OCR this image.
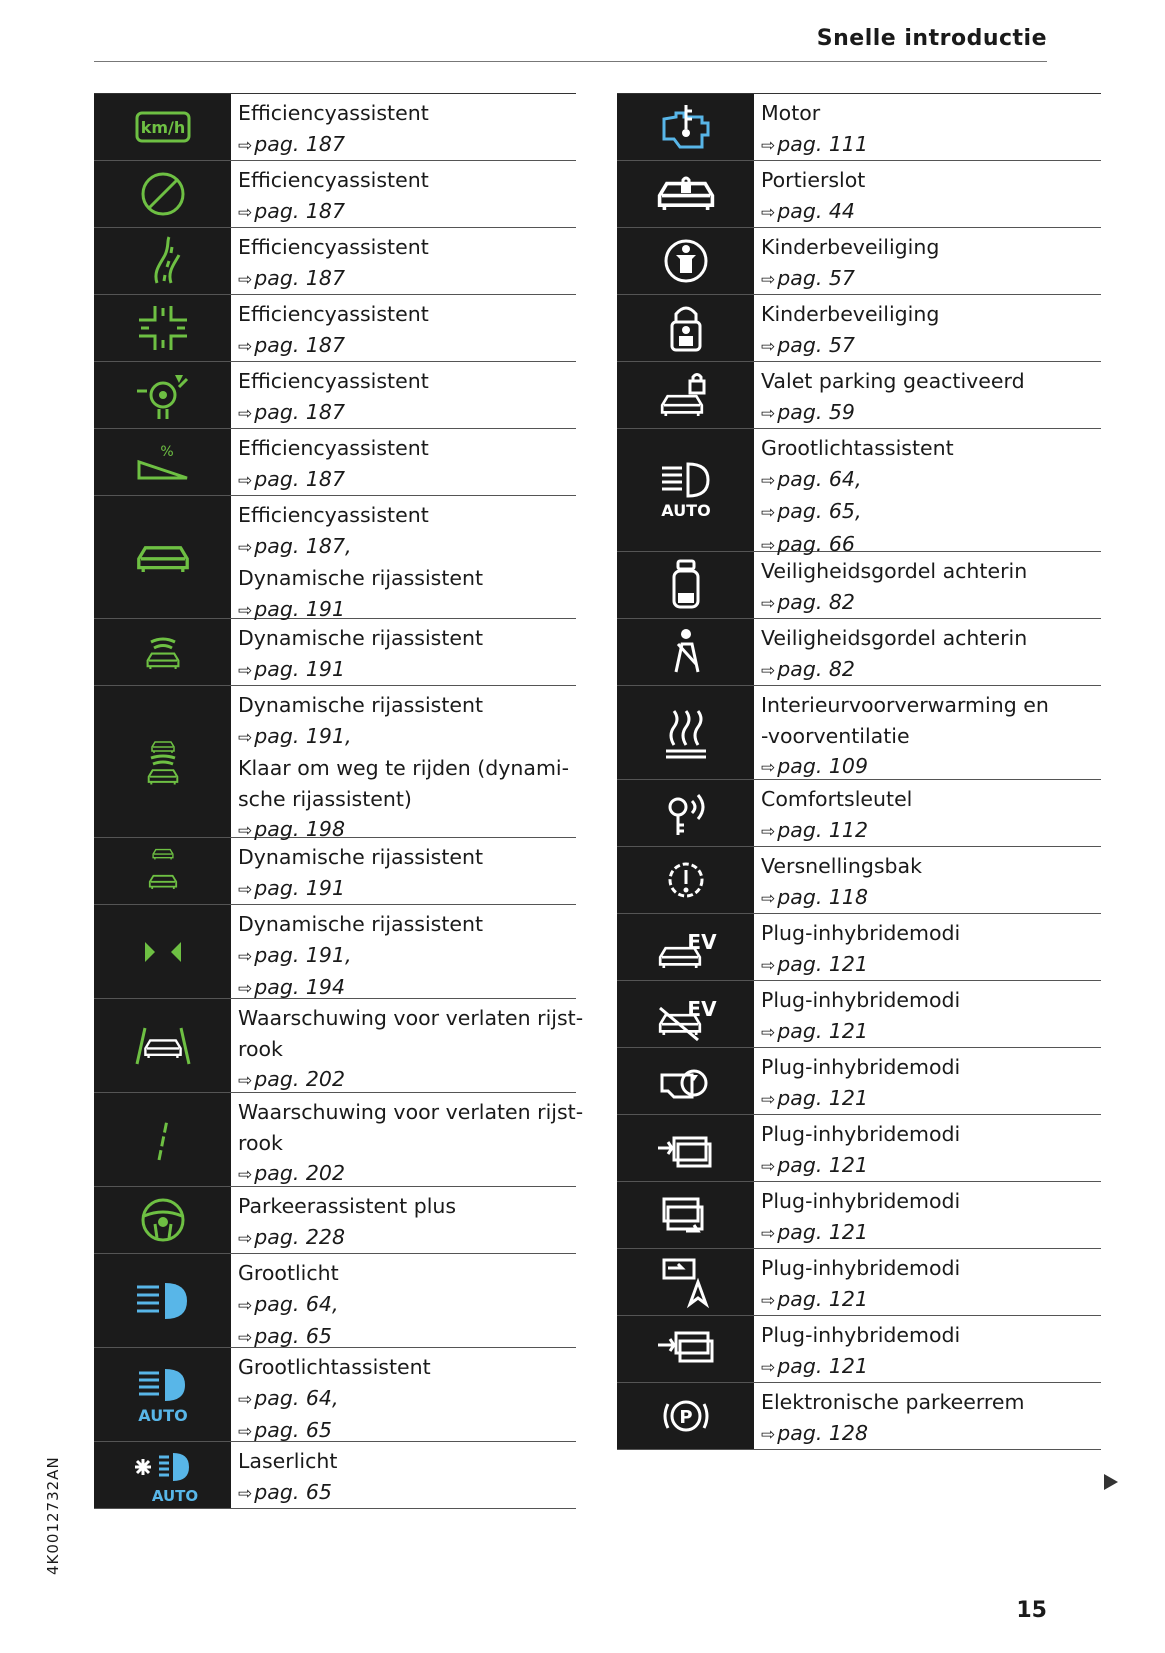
Snelle introductie
km/h
Efficiencyassistent
⇨pag. 187
Efficiencyassistent
⇨pag. 187
Efficiencyassistent
⇨pag. 187
Efficiencyassistent
⇨pag. 187
Efficiencyassistent
⇨pag. 187
%	Efficiencyassistent
⇨pag. 187
Efficiencyassistent
⇨pag. 187,
Dynamische rijassistent
⇨pag. 191
Dynamische rijassistent
⇨pag. 191
Dynamische rijassistent
⇨pag. 191,
Klaar om weg te rijden (dynami-
sche rijassistent)
⇨pag. 198
Dynamische rijassistent
⇨pag. 191
Dynamische rijassistent
⇨pag. 191,
⇨pag. 194
Waarschuwing voor verlaten rijst-
rook
⇨pag. 202
Waarschuwing voor verlaten rijst-
rook
⇨pag. 202
Parkeerassistent plus
⇨pag. 228
Grootlicht
⇨pag. 64,
⇨pag. 65
AUTO
Grootlichtassistent
⇨pag. 64,
⇨pag. 65
AUTO
Laserlicht
⇨pag. 65
Motor
⇨pag. 111
Portierslot
⇨pag. 44
Kinderbeveiliging
⇨pag. 57
Kinderbeveiliging
⇨pag. 57
Valet parking geactiveerd
⇨pag. 59
AUTO
Grootlichtassistent
⇨pag. 64,
⇨pag. 65,
⇨pag. 66
Veiligheidsgordel achterin
⇨pag. 82
Veiligheidsgordel achterin
⇨pag. 82
Interieurvoorverwarming en
-voorventilatie
⇨pag. 109
Comfortsleutel
⇨pag. 112
Versnellingsbak
⇨pag. 118
EV Plug-inhybridemodi
⇨pag. 121
EV Plug-inhybridemodi
⇨pag. 121
Plug-inhybridemodi
⇨pag. 121
Plug-inhybridemodi
⇨pag. 121
Plug-inhybridemodi
⇨pag. 121
Plug-inhybridemodi
⇨pag. 121
Plug-inhybridemodi
⇨pag. 121
P
Elektronische parkeerrem
⇨pag. 128
4K0012732AN
15
